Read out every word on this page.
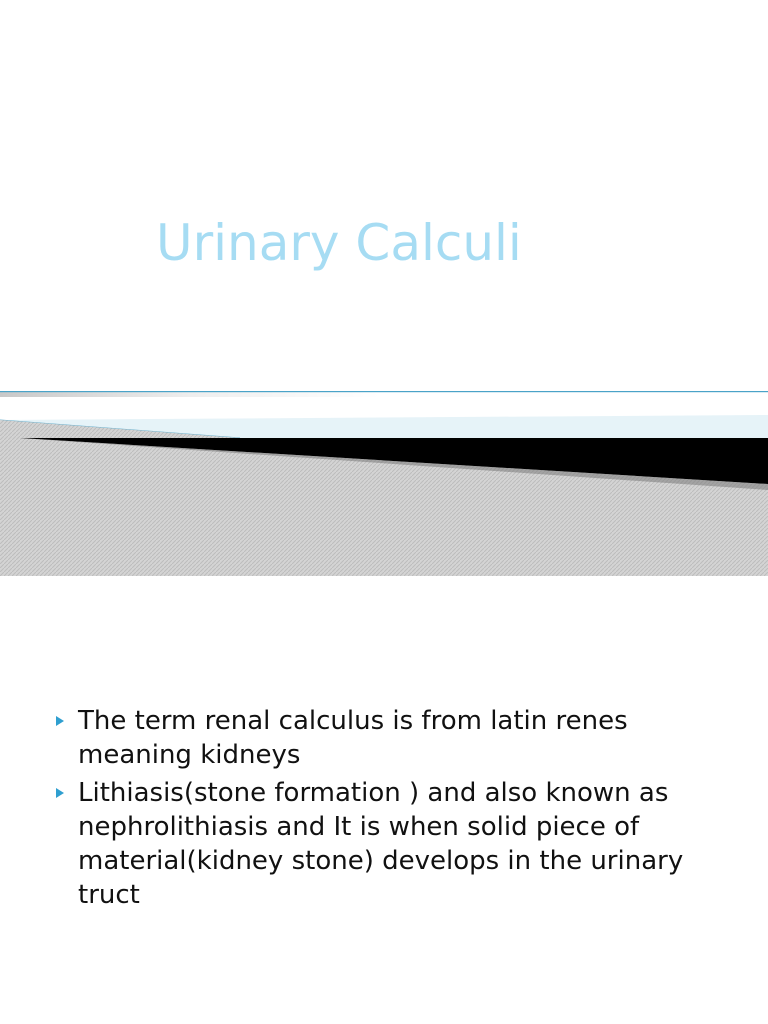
Urinary Calculi
The term renal calculus is from latin renes meaning kidneys
Lithiasis(stone formation ) and also known as nephrolithiasis and It is when solid piece of material(kidney stone) develops in the urinary truct
